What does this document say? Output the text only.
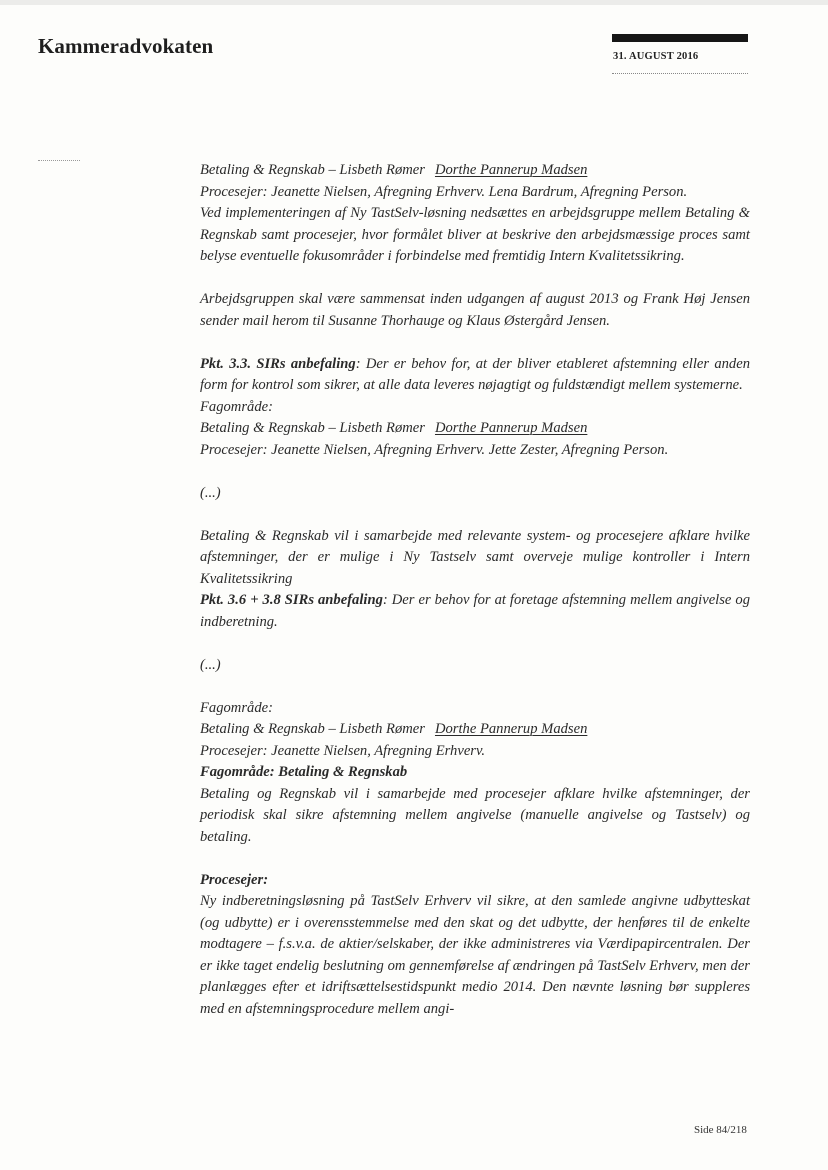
Kammeradvokaten	31. AUGUST 2016

Betaling & Regnskab – Lisbeth Rømer Dorthe Pannerup Madsen

Procesejer: Jeanette Nielsen, Afregning Erhverv. Lena Bardrum, Afregning Person.

Ved implementeringen af Ny TastSelv-løsning nedsættes en arbejdsgruppe mellem Betaling & Regnskab samt procesejer, hvor formålet bliver at beskrive den arbejdsmæssige proces samt belyse eventuelle fokusområder i forbindelse med fremtidig Intern Kvalitetssikring.

Arbejdsgruppen skal være sammensat inden udgangen af august 2013 og Frank Høj Jensen sender mail herom til Susanne Thorhauge og Klaus Østergård Jensen.

Pkt. 3.3. SIRs anbefaling: Der er behov for, at der bliver etableret afstemning eller anden form for kontrol som sikrer, at alle data leveres nøjagtigt og fuldstændigt mellem systemerne.

Fagområde:

Betaling & Regnskab – Lisbeth Rømer Dorthe Pannerup Madsen

Procesejer: Jeanette Nielsen, Afregning Erhverv. Jette Zester, Afregning Person.

(...)

Betaling & Regnskab vil i samarbejde med relevante system- og procesejere afklare hvilke afstemninger, der er mulige i Ny Tastselv samt overveje mulige kontroller i Intern Kvalitetssikring

Pkt. 3.6 + 3.8 SIRs anbefaling: Der er behov for at foretage afstemning mellem angivelse og indberetning.

(...)

Fagområde:

Betaling & Regnskab – Lisbeth Rømer Dorthe Pannerup Madsen

Procesejer: Jeanette Nielsen, Afregning Erhverv.

Fagområde: Betaling & Regnskab

Betaling og Regnskab vil i samarbejde med procesejer afklare hvilke afstemninger, der periodisk skal sikre afstemning mellem angivelse (manuelle angivelse og Tastselv) og betaling.

Procesejer:

Ny indberetningsløsning på TastSelv Erhverv vil sikre, at den samlede angivne udbytteskat (og udbytte) er i overensstemmelse med den skat og det udbytte, der henføres til de enkelte modtagere – f.s.v.a. de aktier/selskaber, der ikke administreres via Værdipapircentralen. Der er ikke taget endelig beslutning om gennemførelse af ændringen på TastSelv Erhverv, men der planlægges efter et idriftsættelsestidspunkt medio 2014. Den nævnte løsning bør suppleres med en afstemningsprocedure mellem angi-

Side 84/218
